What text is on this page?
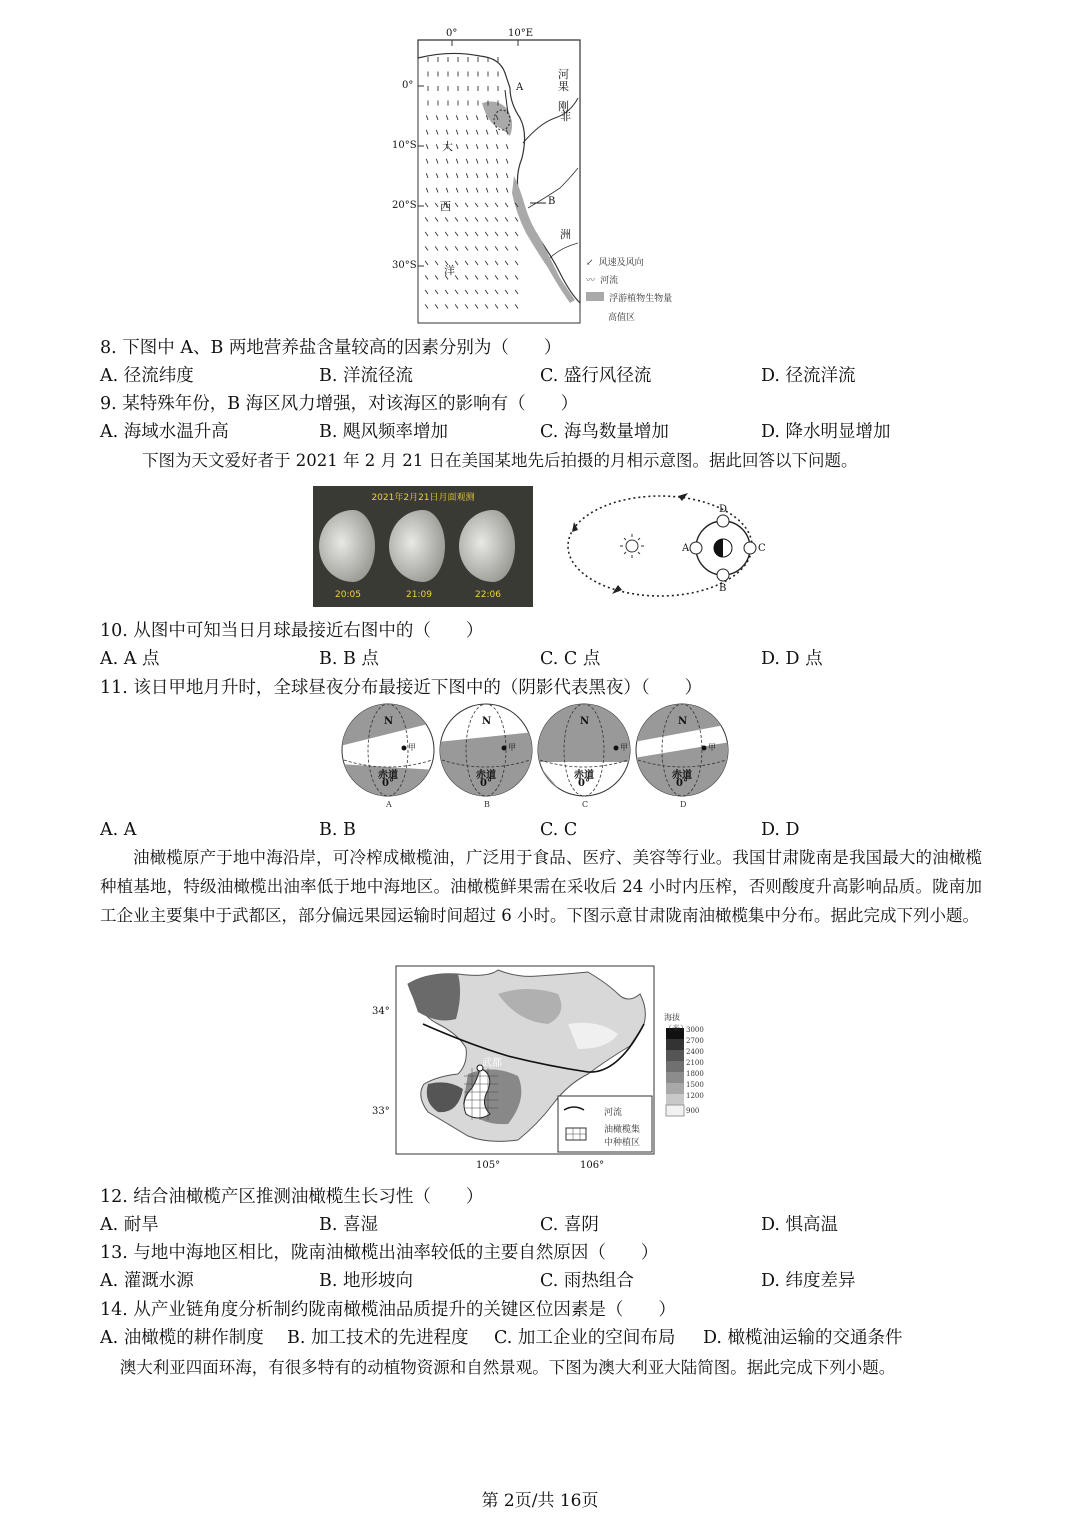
0°	10°E
0°
10°S
20°S
30°S
大
西
洋
刚
果
河
非
洲
A
B
↙ 风速及风向
〰 河流
浮游植物生物量
高值区
8. 下图中 A、B 两地营养盐含量较高的因素分别为（　　）
A. 径流纬度	B. 洋流径流	C. 盛行风径流	D. 径流洋流
9. 某特殊年份，B 海区风力增强，对该海区的影响有（　　）
A. 海域水温升高	B. 飓风频率增加	C. 海鸟数量增加	D. 降水明显增加
下图为天文爱好者于 2021 年 2 月 21 日在美国某地先后拍摄的月相示意图。据此回答以下问题。
2021年2月21日月面观测
20:05	21:09	22:06
A
B
C
D
10. 从图中可知当日月球最接近右图中的（　　）
A. A 点	B. B 点	C. C 点	D. D 点
11. 该日甲地月升时，全球昼夜分布最接近下图中的（阴影代表黑夜）（　　）
N	N	N	N
甲	甲	甲	甲
赤道	赤道	赤道	赤道
0°	0°	0°	0°
A	B	C	D
A. A	B. B	C. C	D. D
油橄榄原产于地中海沿岸，可冷榨成橄榄油，广泛用于食品、医疗、美容等行业。我国甘肃陇南是我国最大的油橄榄种植基地，特级油橄榄出油率低于地中海地区。油橄榄鲜果需在采收后 24 小时内压榨，否则酸度升高影响品质。陇南加工企业主要集中于武都区，部分偏远果园运输时间超过 6 小时。下图示意甘肃陇南油橄榄集中分布。据此完成下列小题。
34°
33°
105°	106°
武都
海拔（米）
3000
2700
2400
2100
1800
1500
1200
900
河流
油橄榄集
中种植区
12. 结合油橄榄产区推测油橄榄生长习性（　　）
A. 耐旱	B. 喜湿	C. 喜阴	D. 惧高温
13. 与地中海地区相比，陇南油橄榄出油率较低的主要自然原因（　　）
A. 灌溉水源	B. 地形坡向	C. 雨热组合	D. 纬度差异
14. 从产业链角度分析制约陇南橄榄油品质提升的关键区位因素是（　　）
A. 油橄榄的耕作制度 B. 加工技术的先进程度 C. 加工企业的空间布局 D. 橄榄油运输的交通条件
澳大利亚四面环海，有很多特有的动植物资源和自然景观。下图为澳大利亚大陆简图。据此完成下列小题。
第 2页/共 16页
